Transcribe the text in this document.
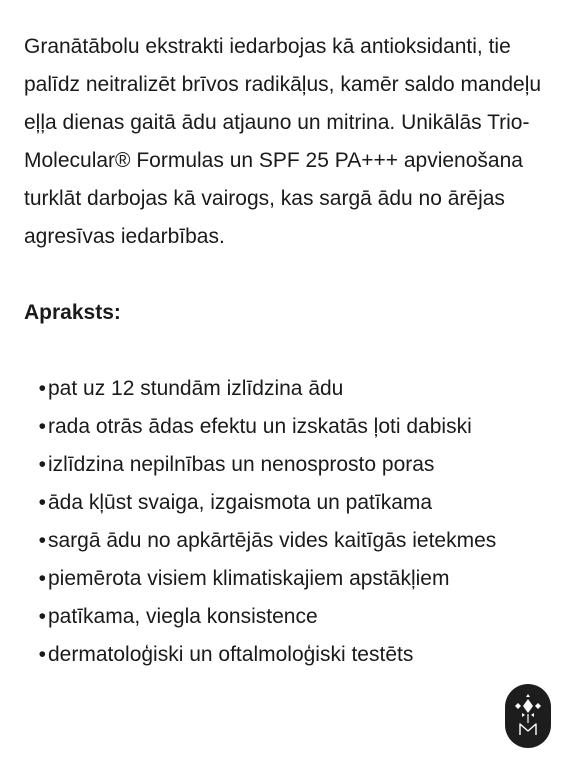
Granātābolu ekstrakti iedarbojas kā antioksidanti, tie palīdz neitralizēt brīvos radikāļus, kamēr saldo mandeļu eļļa dienas gaitā ādu atjauno un mitrina. Unikālās Trio-Molecular® Formulas un SPF 25 PA+++ apvienošana turklāt darbojas kā vairogs, kas sargā ādu no ārējas agresīvas iedarbības.

Apraksts:

•pat uz 12 stundām izlīdzina ādu
•rada otrās ādas efektu un izskatās ļoti dabiski
•izlīdzina nepilnības un nenosprosto poras
•āda kļūst svaiga, izgaismota un patīkama
•sargā ādu no apkārtējās vides kaitīgās ietekmes
•piemērota visiem klimatiskajiem apstākļiem
•patīkama, viegla konsistence
•dermatoloģiski un oftalmoloģiski testēts
